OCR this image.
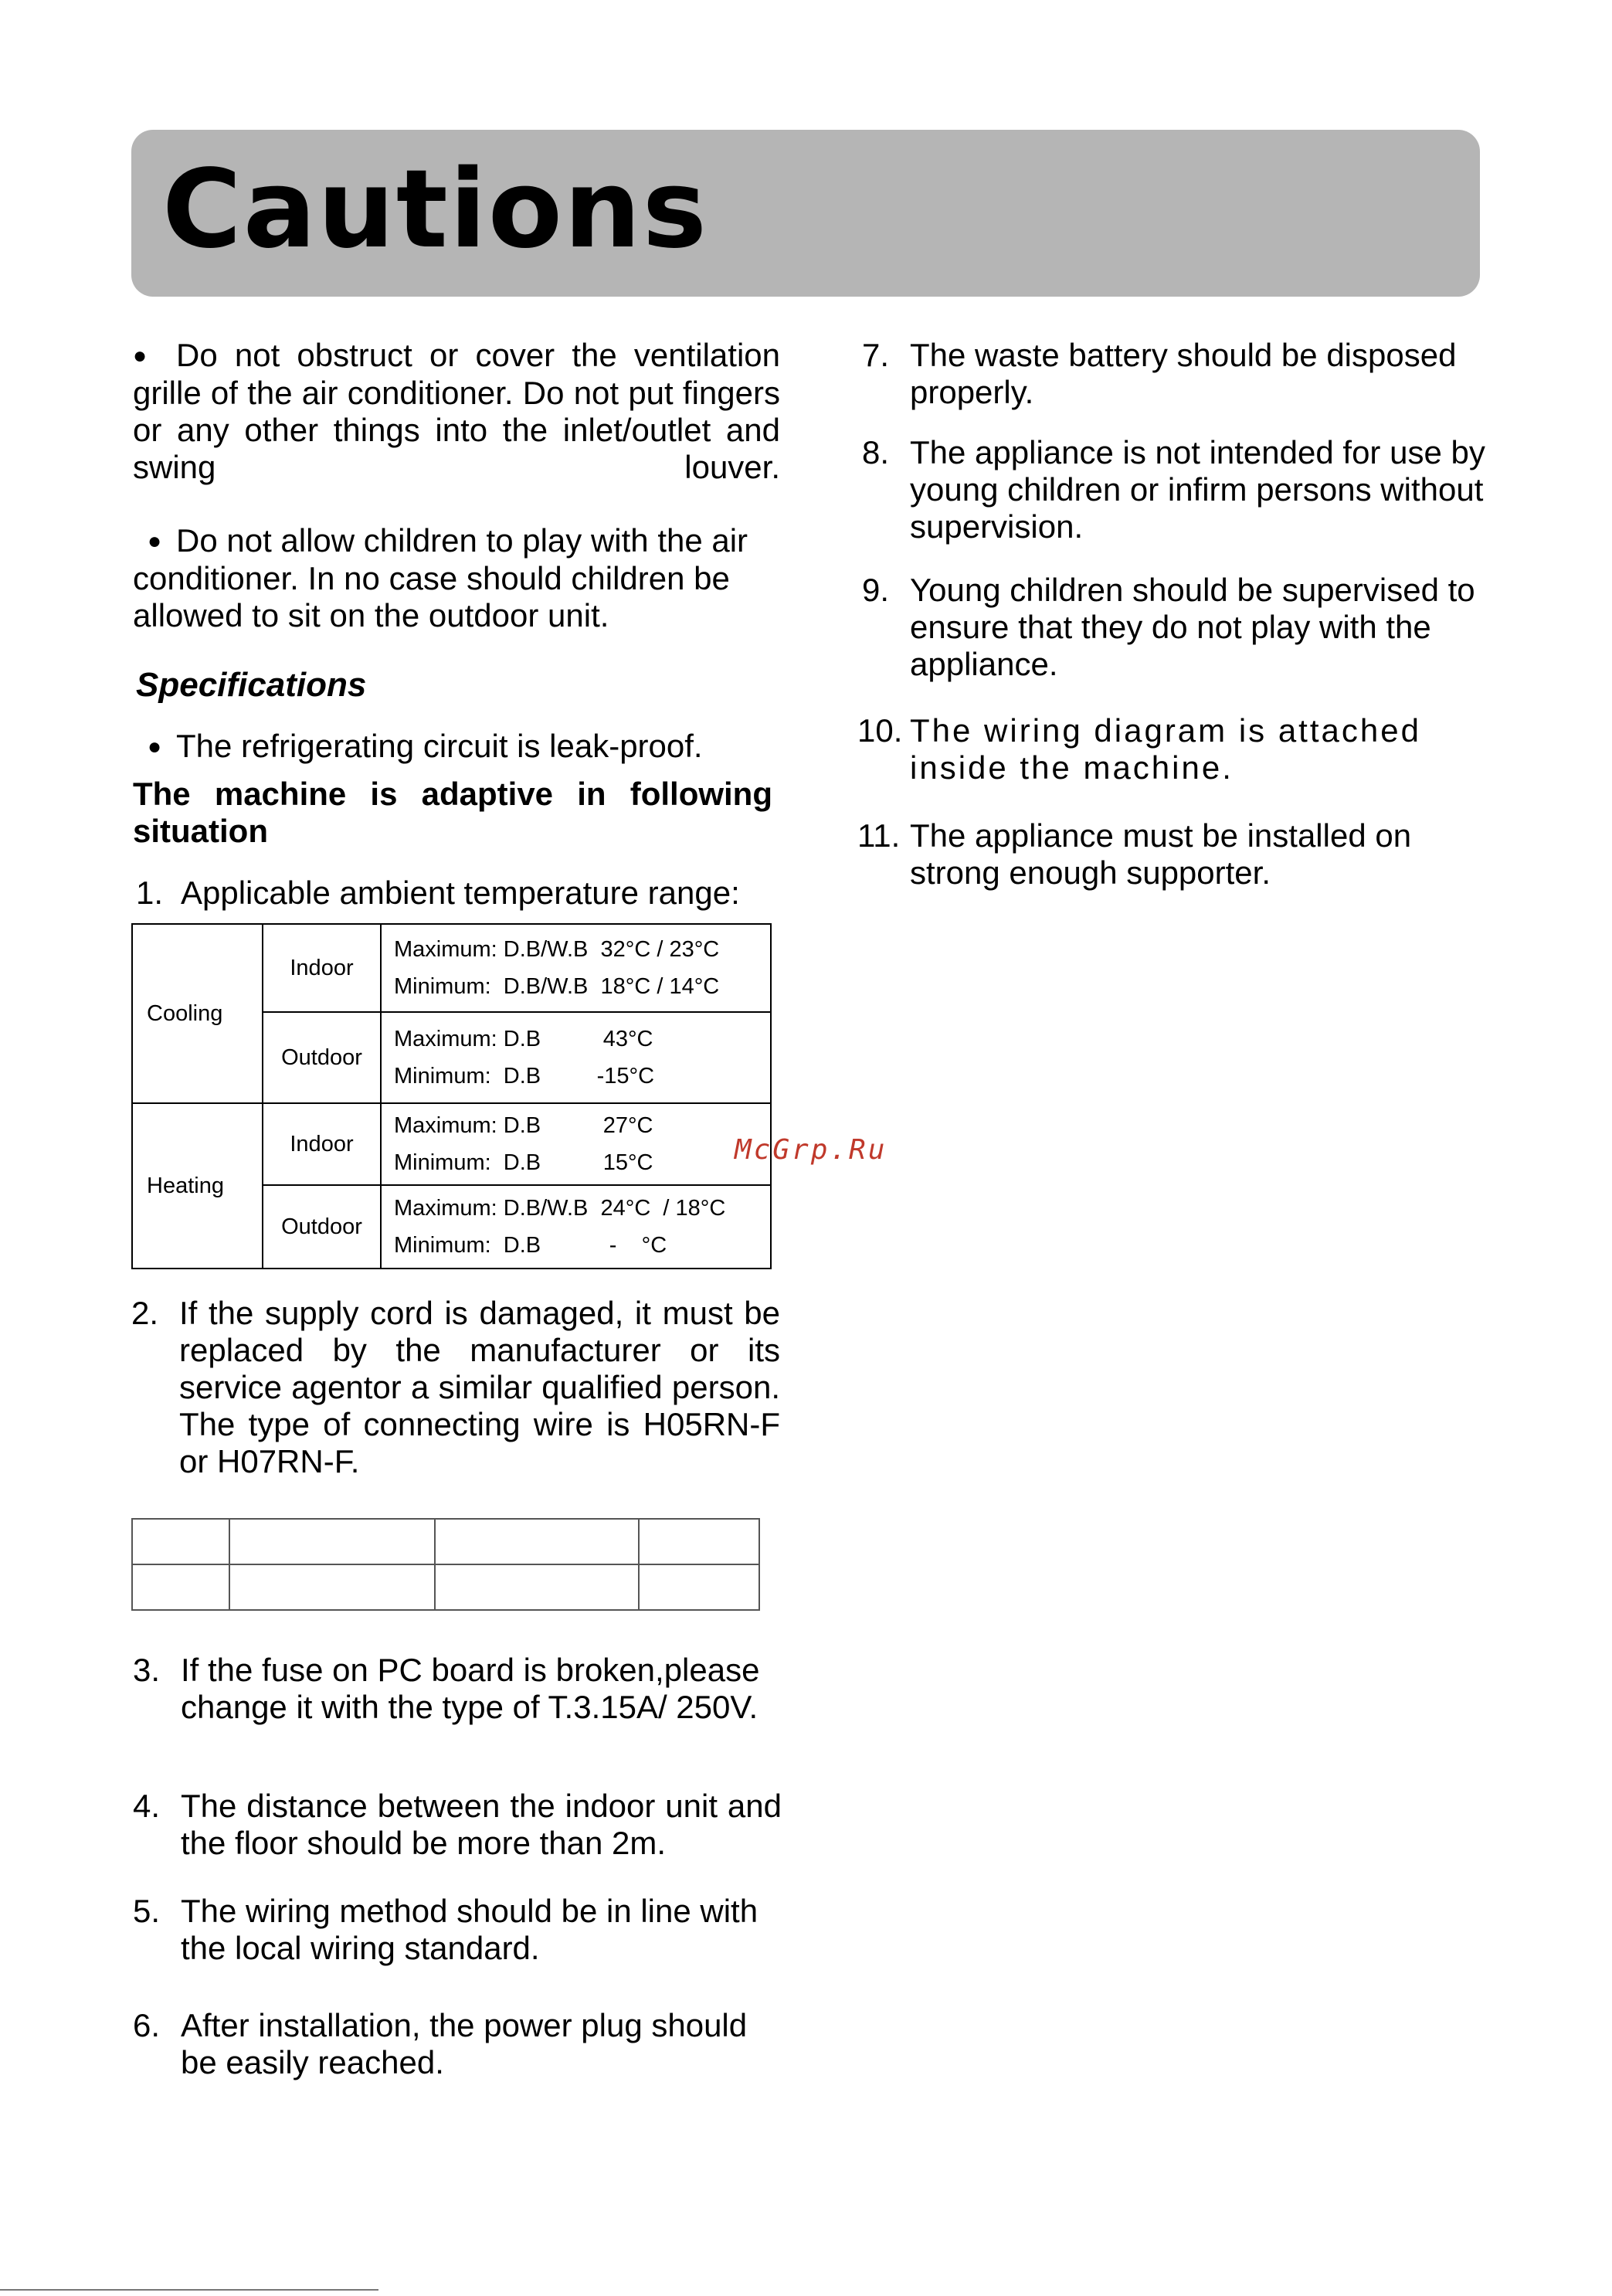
Cautions

● Do not obstruct or cover the ventilation grille of the air conditioner. Do not put fingers or any other things into the inlet/outlet and swing louver.

● Do not allow children to play with the air conditioner. In no case should children be allowed to sit on the outdoor unit.

Specifications

● The refrigerating circuit is leak-proof.

The machine is adaptive in following situation

1. Applicable ambient temperature range:
Cooling	Indoor	Maximum: D.B/W.B  32°C / 23°C
Minimum:  D.B/W.B  18°C / 14°C

	Outdoor	Maximum: D.B          43°C
Minimum:  D.B         -15°C

Heating	Indoor	Maximum: D.B          27°C
Minimum:  D.B          15°C

	Outdoor	Maximum: D.B/W.B  24°C  / 18°C
Minimum:  D.B           -    °C
2. If the supply cord is damaged, it must be replaced by the manufacturer or its service agentor a similar qualified person. The type of connecting wire is H05RN-F or H07RN-F.

3. If the fuse on PC board is broken,please change it with the type of T.3.15A/ 250V.
4. The distance between the indoor unit and the floor should be more than 2m.
5. The wiring method should be in line with the local wiring standard.
6. After installation, the power plug should be easily reached.
7. The waste battery should be disposed properly.
8. The appliance is not intended for use by young children or infirm persons without supervision.
9. Young children should be supervised to ensure that they do not play with the appliance.
10. The wiring diagram is attached inside the machine.
11. The appliance must be installed on strong enough supporter.
McGrp.Ru
